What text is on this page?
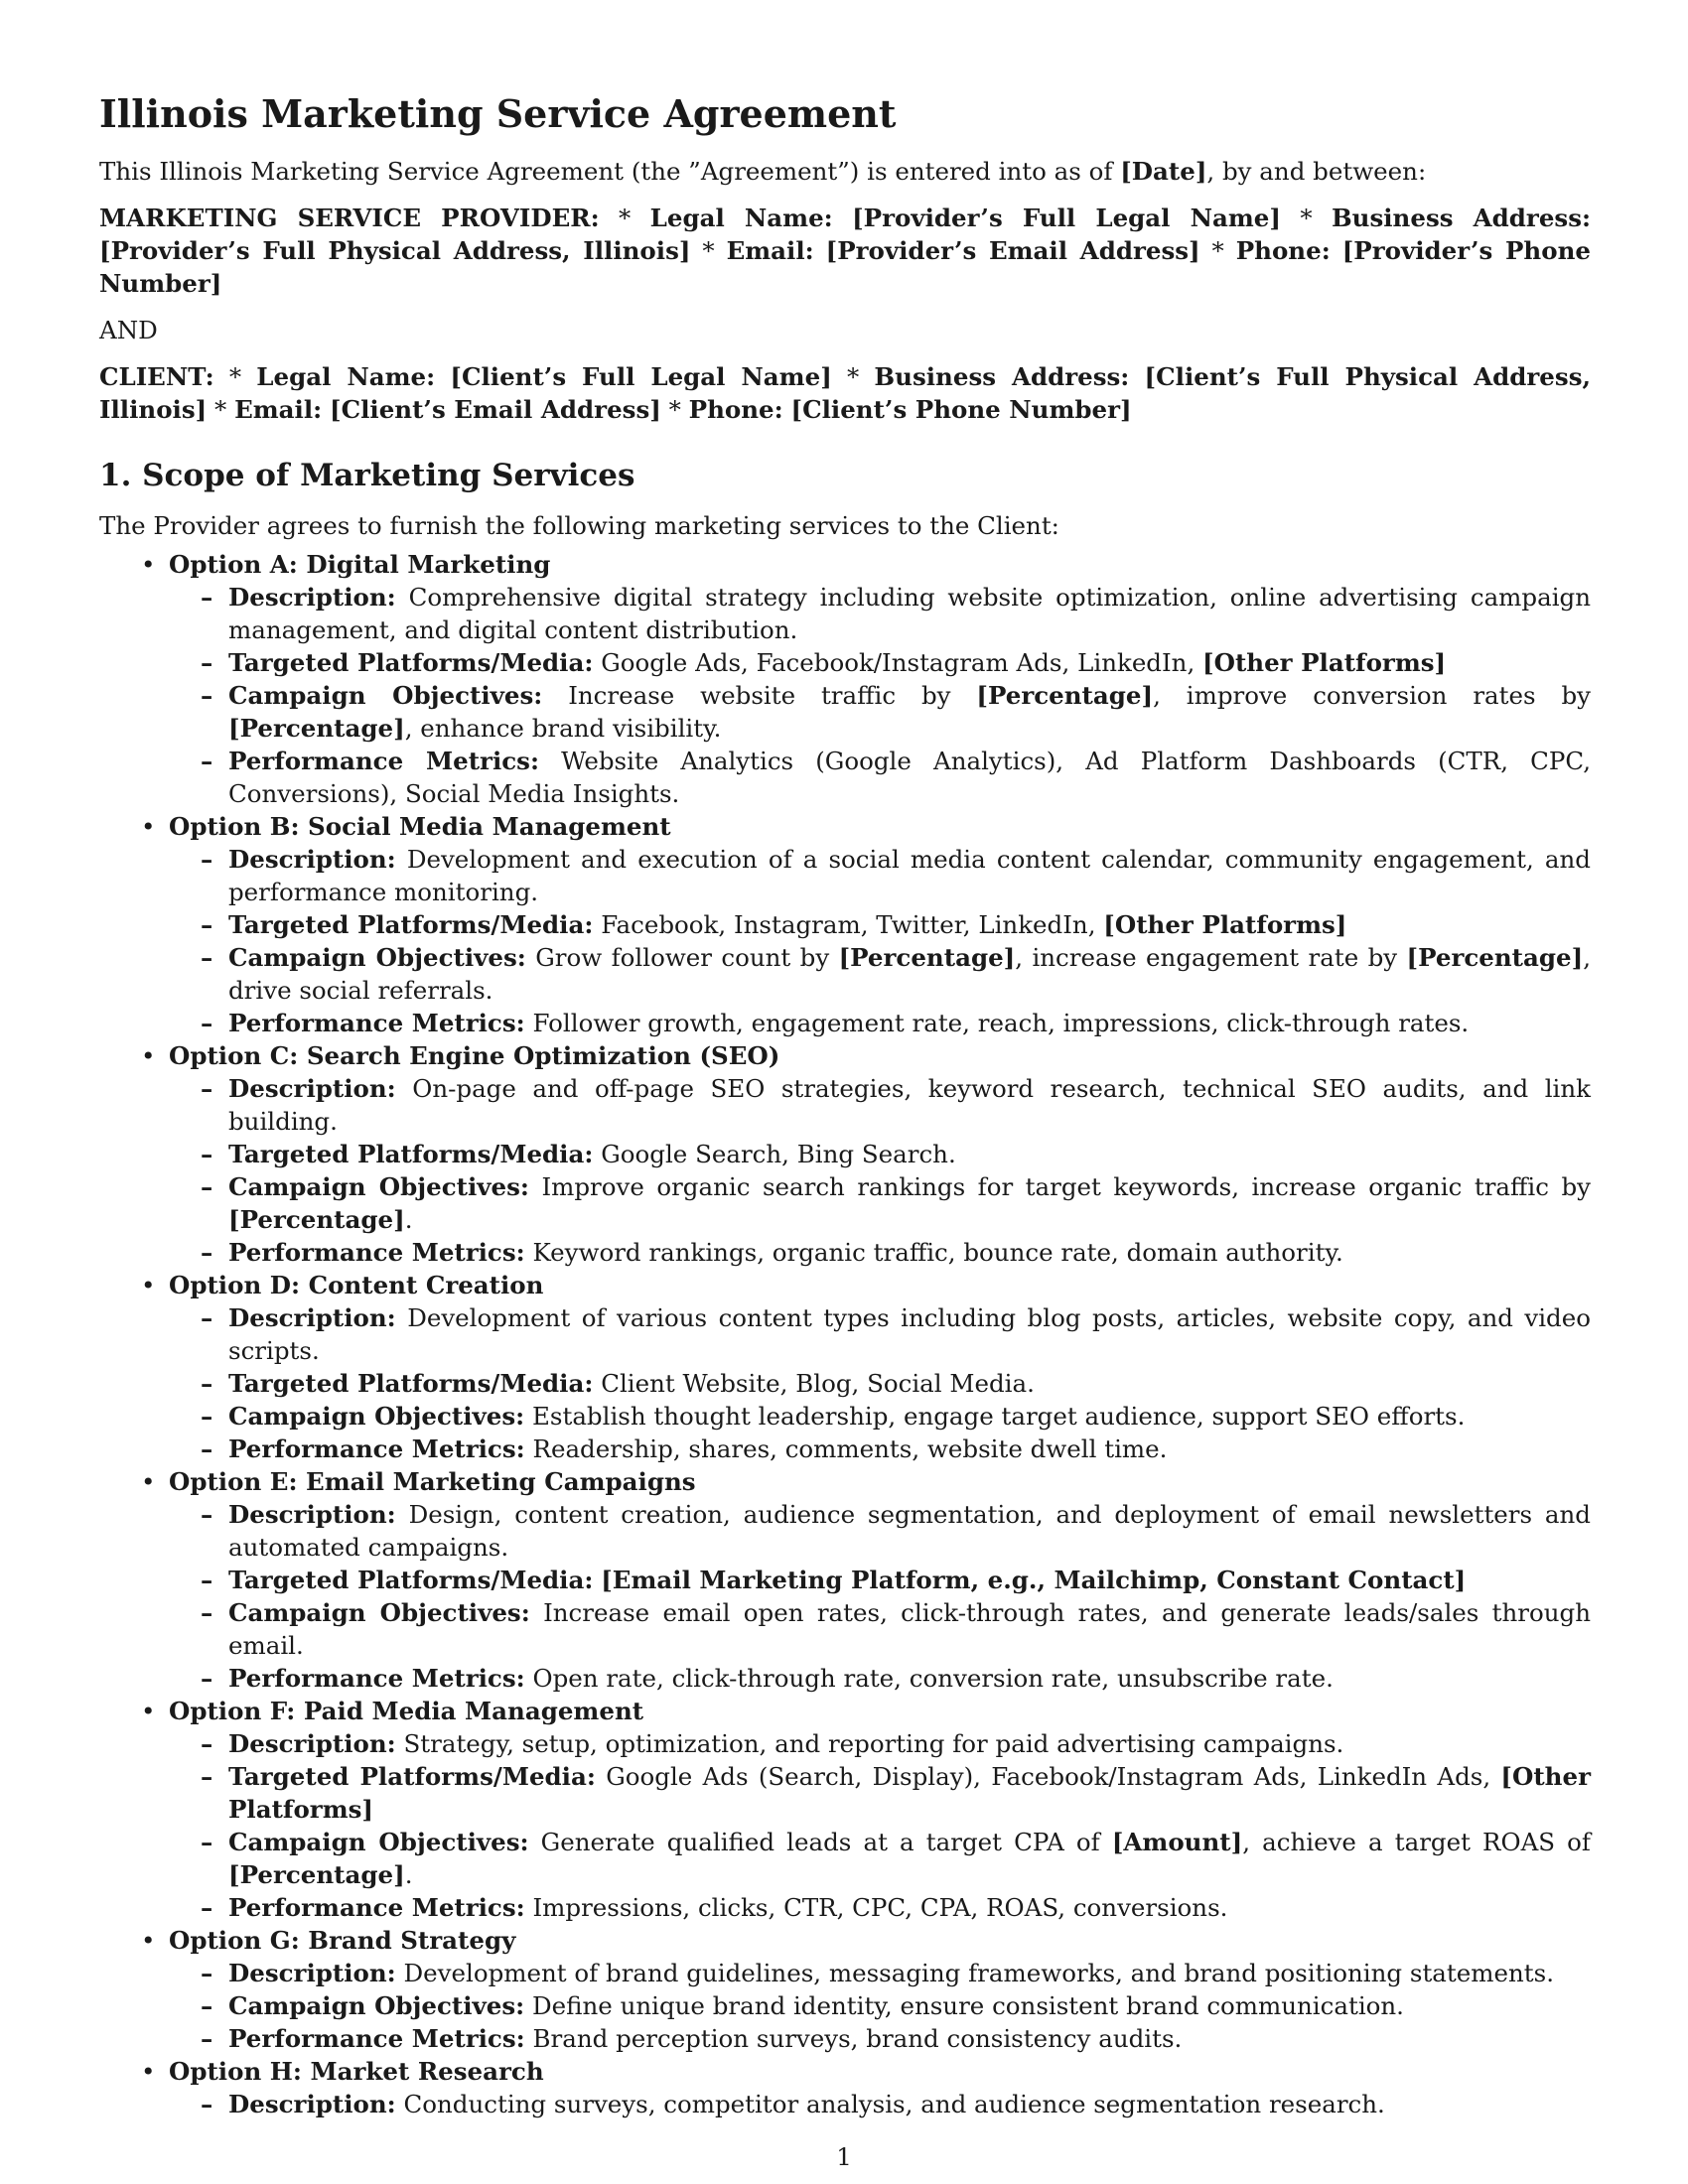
Illinois Marketing Service Agreement

This Illinois Marketing Service Agreement (the ”Agreement”) is entered into as of [Date], by and between:

MARKETING SERVICE PROVIDER: * Legal Name: [Provider’s Full Legal Name] * Business Address: [Provider’s Full Physical Address, Illinois] * Email: [Provider’s Email Address] * Phone: [Provider’s Phone Number]

AND

CLIENT: * Legal Name: [Client’s Full Legal Name] * Business Address: [Client’s Full Physical Address, Illinois] * Email: [Client’s Email Address] * Phone: [Client’s Phone Number]

1. Scope of Marketing Services

The Provider agrees to furnish the following marketing services to the Client:

• Option A: Digital Marketing
– Description: Comprehensive digital strategy including website optimization, online advertising campaign management, and digital content distribution.
– Targeted Platforms/Media: Google Ads, Facebook/Instagram Ads, LinkedIn, [Other Platforms]
– Campaign Objectives: Increase website traffic by [Percentage], improve conversion rates by [Percentage], enhance brand visibility.
– Performance Metrics: Website Analytics (Google Analytics), Ad Platform Dashboards (CTR, CPC, Conversions), Social Media Insights.
• Option B: Social Media Management
– Description: Development and execution of a social media content calendar, community engagement, and performance monitoring.
– Targeted Platforms/Media: Facebook, Instagram, Twitter, LinkedIn, [Other Platforms]
– Campaign Objectives: Grow follower count by [Percentage], increase engagement rate by [Percentage], drive social referrals.
– Performance Metrics: Follower growth, engagement rate, reach, impressions, click-through rates.
• Option C: Search Engine Optimization (SEO)
– Description: On-page and off-page SEO strategies, keyword research, technical SEO audits, and link building.
– Targeted Platforms/Media: Google Search, Bing Search.
– Campaign Objectives: Improve organic search rankings for target keywords, increase organic traffic by [Percentage].
– Performance Metrics: Keyword rankings, organic traffic, bounce rate, domain authority.
• Option D: Content Creation
– Description: Development of various content types including blog posts, articles, website copy, and video scripts.
– Targeted Platforms/Media: Client Website, Blog, Social Media.
– Campaign Objectives: Establish thought leadership, engage target audience, support SEO efforts.
– Performance Metrics: Readership, shares, comments, website dwell time.
• Option E: Email Marketing Campaigns
– Description: Design, content creation, audience segmentation, and deployment of email newsletters and automated campaigns.
– Targeted Platforms/Media: [Email Marketing Platform, e.g., Mailchimp, Constant Contact]
– Campaign Objectives: Increase email open rates, click-through rates, and generate leads/sales through email.
– Performance Metrics: Open rate, click-through rate, conversion rate, unsubscribe rate.
• Option F: Paid Media Management
– Description: Strategy, setup, optimization, and reporting for paid advertising campaigns.
– Targeted Platforms/Media: Google Ads (Search, Display), Facebook/Instagram Ads, LinkedIn Ads, [Other Platforms]
– Campaign Objectives: Generate qualified leads at a target CPA of [Amount], achieve a target ROAS of [Percentage].
– Performance Metrics: Impressions, clicks, CTR, CPC, CPA, ROAS, conversions.
• Option G: Brand Strategy
– Description: Development of brand guidelines, messaging frameworks, and brand positioning statements.
– Campaign Objectives: Define unique brand identity, ensure consistent brand communication.
– Performance Metrics: Brand perception surveys, brand consistency audits.
• Option H: Market Research
– Description: Conducting surveys, competitor analysis, and audience segmentation research.
1
